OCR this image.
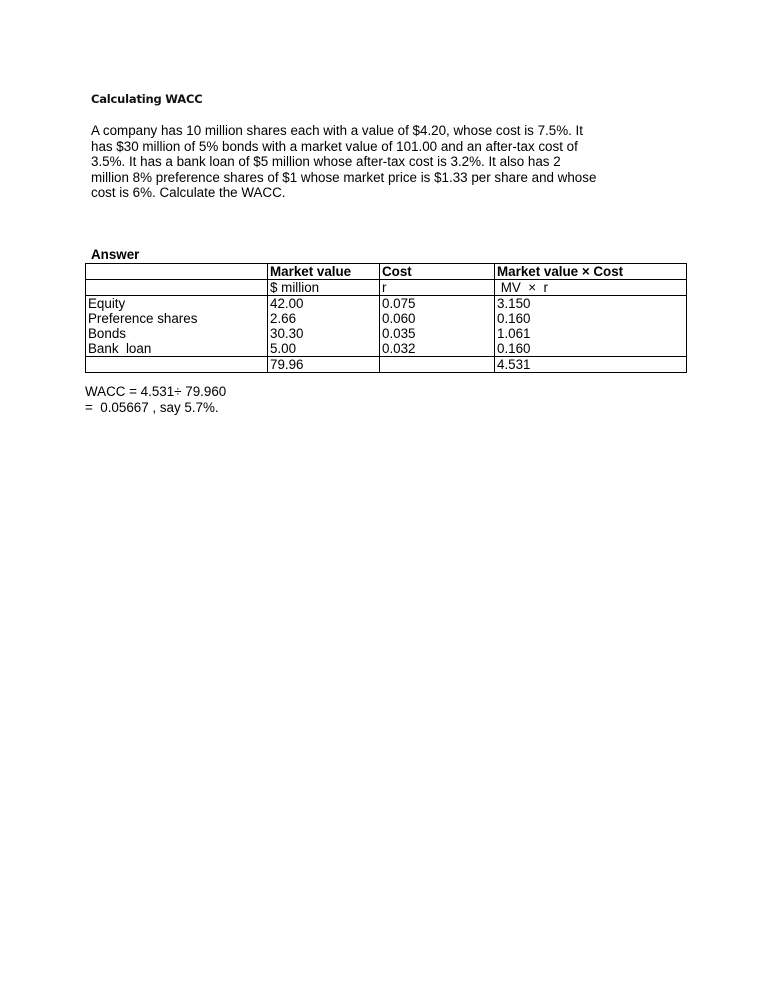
Calculating WACC
A company has 10 million shares each with a value of $4.20, whose cost is 7.5%. It
has $30 million of 5% bonds with a market value of 101.00 and an after-tax cost of
3.5%. It has a bank loan of $5 million whose after-tax cost is 3.2%. It also has 2
million 8% preference shares of $1 whose market price is $1.33 per share and whose
cost is 6%. Calculate the WACC.
Answer
	Market value	Cost	Market value × Cost
	$ million	r	MV  ×  r
Equity	42.00	0.075	3.150
Preference shares	2.66	0.060	0.160
Bonds	30.30	0.035	1.061
Bank  loan	5.00	0.032	0.160
	79.96		4.531
WACC = 4.531÷ 79.960
=  0.05667 , say 5.7%.
